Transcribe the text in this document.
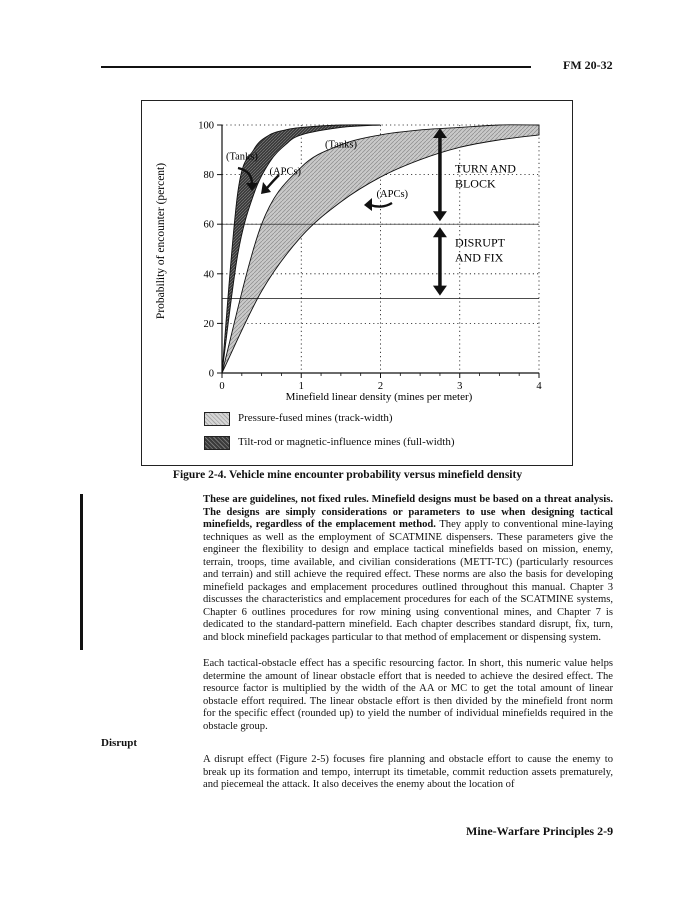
FM 20-32
0
20
40
60
80
100
0	1	2	3	4
(Tanks)
(APCs)
(Tanks)
(APCs)
TURN AND
BLOCK
DISRUPT
AND FIX
Probability of encounter (percent)
Minefield linear density (mines per meter)
Pressure-fused mines (track-width)
Tilt-rod or magnetic-influence mines (full-width)
Figure 2-4. Vehicle mine encounter probability versus minefield density

These are guidelines, not fixed rules. Minefield designs must be based on a threat analysis. The designs are simply considerations or parameters to use when designing tactical minefields, regardless of the emplacement method. They apply to conventional mine-laying techniques as well as the employment of SCATMINE dispensers. These parameters give the engineer the flexibility to design and emplace tactical minefields based on mission, enemy, terrain, troops, time available, and civilian considerations (METT-TC) (particularly resources and terrain) and still achieve the required effect. These norms are also the basis for developing minefield packages and emplacement procedures outlined throughout this manual. Chapter 3 discusses the characteristics and emplacement procedures for each of the SCATMINE systems, Chapter 6 outlines procedures for row mining using conventional mines, and Chapter 7 is dedicated to the standard-pattern minefield. Each chapter describes standard disrupt, fix, turn, and block minefield packages particular to that method of emplacement or dispensing system.

Each tactical-obstacle effect has a specific resourcing factor. In short, this numeric value helps determine the amount of linear obstacle effort that is needed to achieve the desired effect. The resource factor is multiplied by the width of the AA or MC to get the total amount of linear obstacle effort required. The linear obstacle effort is then divided by the minefield front norm for the specific effect (rounded up) to yield the number of individual minefields required in the obstacle group.

Disrupt

A disrupt effect (Figure 2-5) focuses fire planning and obstacle effort to cause the enemy to break up its formation and tempo, interrupt its timetable, commit reduction assets prematurely, and piecemeal the attack. It also deceives the enemy about the location of

Mine-Warfare Principles 2-9
